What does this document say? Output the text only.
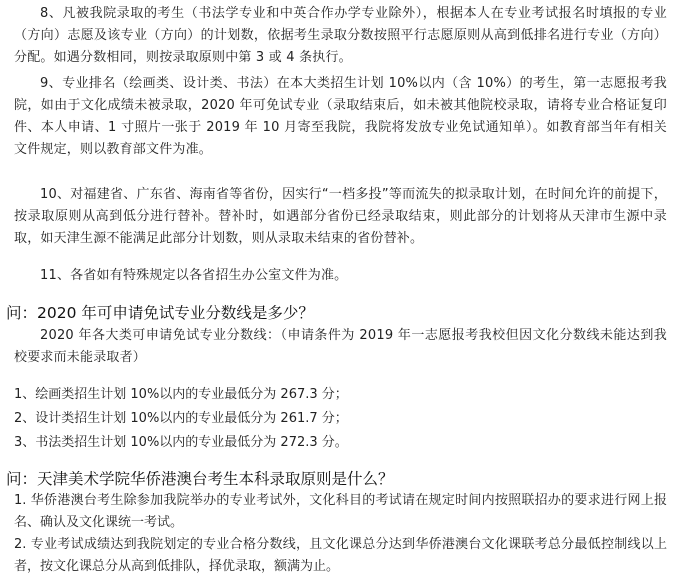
8、凡被我院录取的考生（书法学专业和中英合作办学专业除外），根据本人在专业考试报名时填报的专业（方向）志愿及该专业（方向）的计划数，依据考生录取分数按照平行志愿原则从高到低排名进行专业（方向）分配。如遇分数相同，则按录取原则中第 3 或 4 条执行。

9、专业排名（绘画类、设计类、书法）在本大类招生计划 10%以内（含 10%）的考生，第一志愿报考我院，如由于文化成绩未被录取，2020 年可免试专业（录取结束后，如未被其他院校录取，请将专业合格证复印件、本人申请、1 寸照片一张于 2019 年 10 月寄至我院，我院将发放专业免试通知单）。如教育部当年有相关文件规定，则以教育部文件为准。

10、对福建省、广东省、海南省等省份，因实行“一档多投”等而流失的拟录取计划，在时间允许的前提下，按录取原则从高到低分进行替补。替补时，如遇部分省份已经录取结束，则此部分的计划将从天津市生源中录取，如天津生源不能满足此部分计划数，则从录取未结束的省份替补。

11、各省如有特殊规定以各省招生办公室文件为准。

问：2020 年可申请免试专业分数线是多少？

2020 年各大类可申请免试专业分数线：（申请条件为 2019 年一志愿报考我校但因文化分数线未能达到我校要求而未能录取者）

1、绘画类招生计划 10%以内的专业最低分为 267.3 分；
2、设计类招生计划 10%以内的专业最低分为 261.7 分；
3、书法类招生计划 10%以内的专业最低分为 272.3 分。
问：天津美术学院华侨港澳台考生本科录取原则是什么？

1. 华侨港澳台考生除参加我院举办的专业考试外，文化科目的考试请在规定时间内按照联招办的要求进行网上报名、确认及文化课统一考试。

2. 专业考试成绩达到我院划定的专业合格分数线，且文化课总分达到华侨港澳台文化课联考总分最低控制线以上者，按文化课总分从高到低排队，择优录取，额满为止。
